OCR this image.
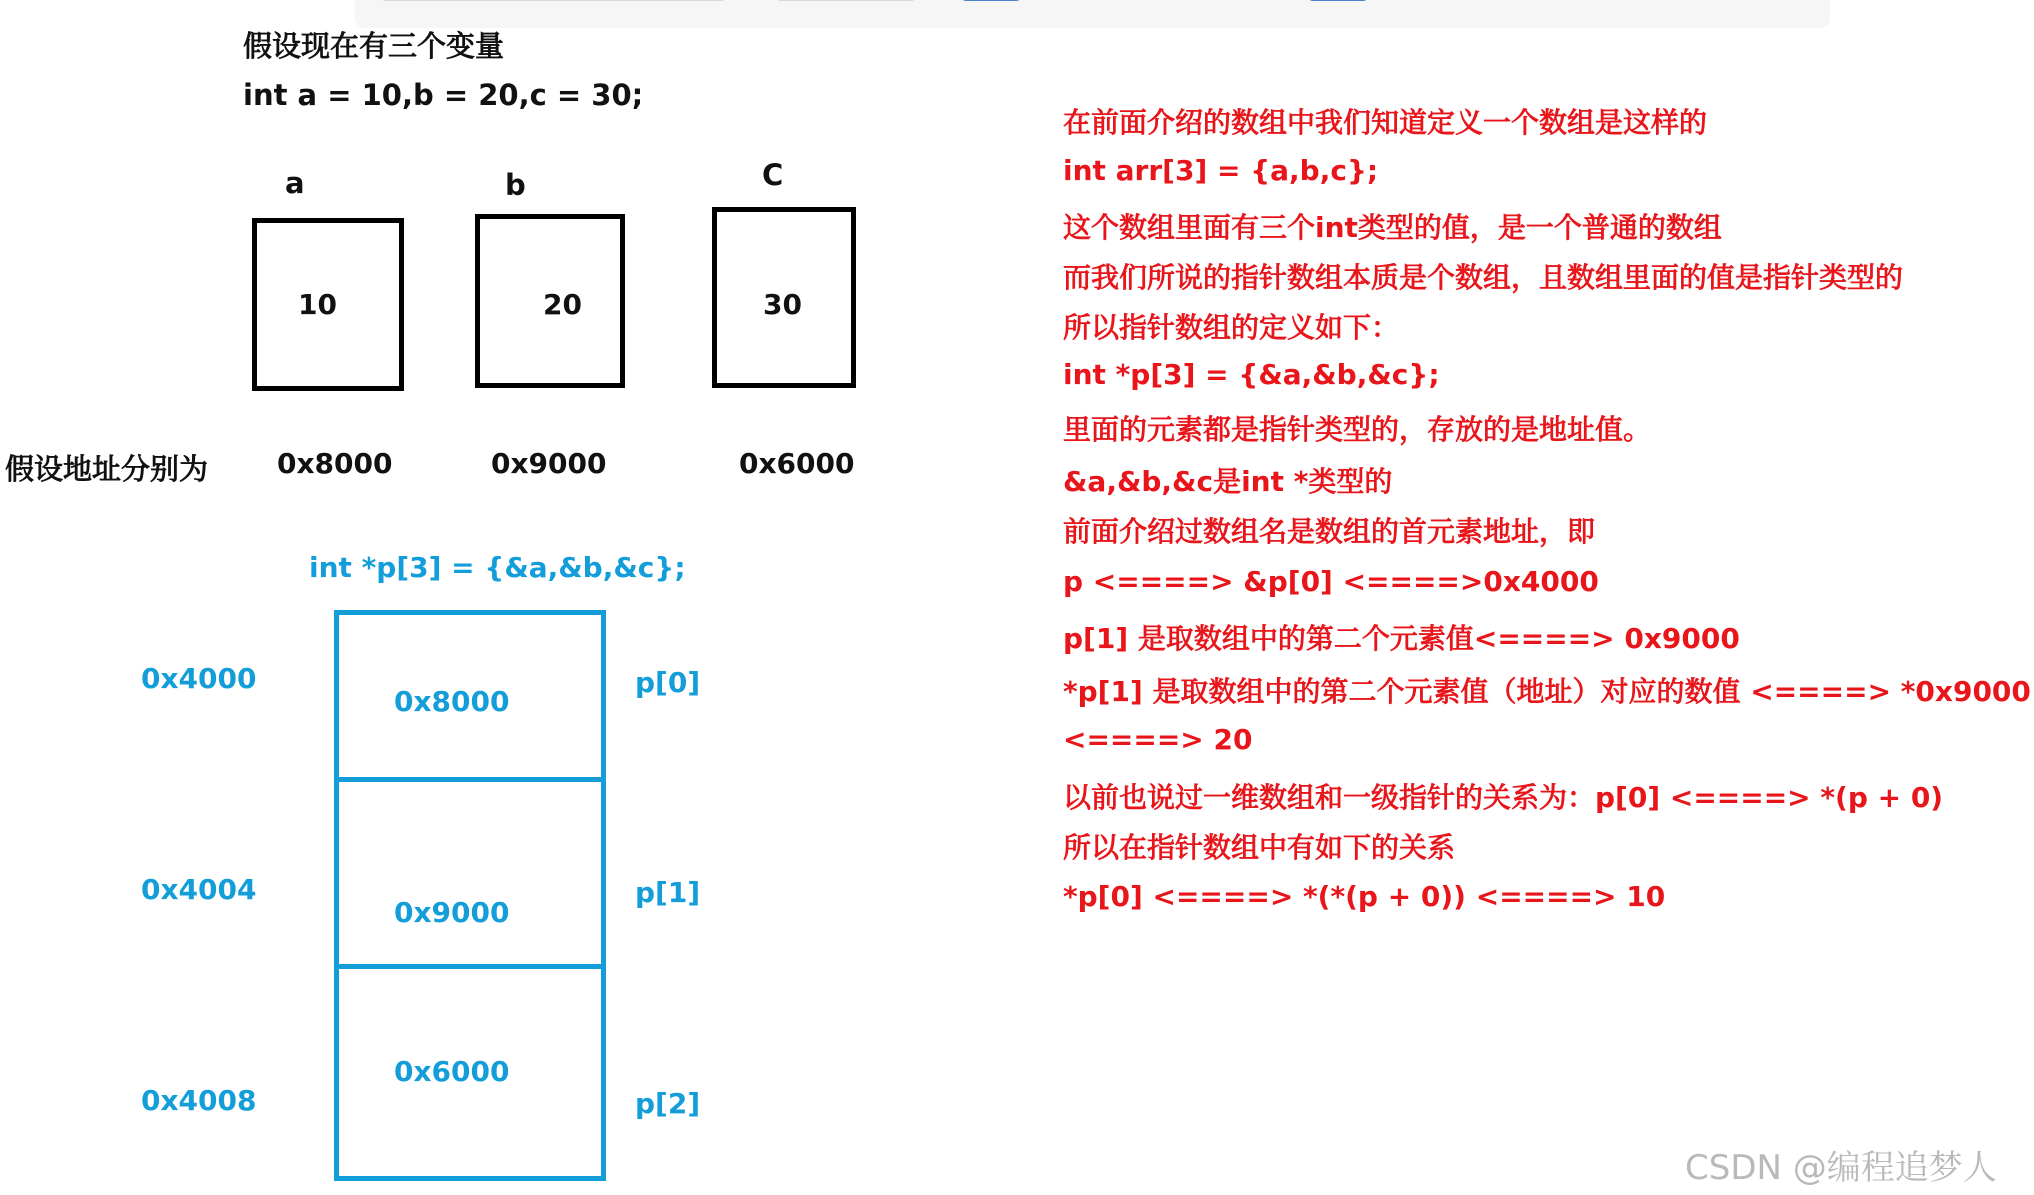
假设现在有三个变量
int a = 10,b = 20,c = 30;
a	b	C
10	20	30
假设地址分别为 0x8000	0x9000	0x6000
int *p[3] = {&a,&b,&c};
0x8000
0x9000
0x6000
0x4000
0x4004
0x4008
p[0]
p[1]
p[2]
在前面介绍的数组中我们知道定义一个数组是这样的
int arr[3] = {a,b,c};
这个数组里面有三个int类型的值，是一个普通的数组
而我们所说的指针数组本质是个数组，且数组里面的值是指针类型的
所以指针数组的定义如下：
int *p[3] = {&a,&b,&c};
里面的元素都是指针类型的，存放的是地址值。
&a,&b,&c是int *类型的
前面介绍过数组名是数组的首元素地址，即
p <====> &p[0] <====>0x4000
p[1] 是取数组中的第二个元素值<====> 0x9000
*p[1] 是取数组中的第二个元素值（地址）对应的数值 <====> *0x9000
<====> 20
以前也说过一维数组和一级指针的关系为：p[0] <====> *(p + 0)
所以在指针数组中有如下的关系
*p[0] <====> *(*(p + 0)) <====> 10
CSDN @编程追梦人
